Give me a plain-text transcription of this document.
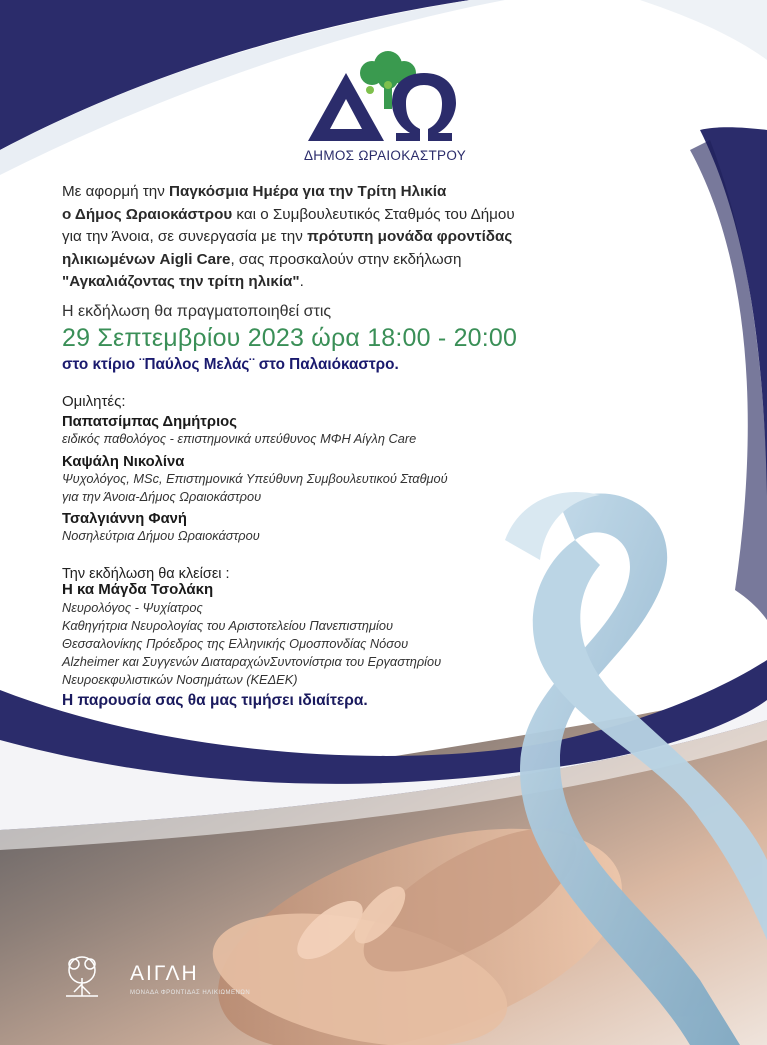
ΔΗΜΟΣ ΩΡΑΙΟΚΑΣΤΡΟΥ
Με αφορμή την Παγκόσμια Ημέρα για την Τρίτη Ηλικία
ο Δήμος Ωραιοκάστρου και ο Συμβουλευτικός Σταθμός του Δήμου
για την Άνοια, σε συνεργασία με την πρότυπη μονάδα φροντίδας
ηλικιωμένων Aigli Care, σας προσκαλούν στην εκδήλωση
"Αγκαλιάζοντας την τρίτη ηλικία".
Η εκδήλωση θα πραγματοποιηθεί στις
29 Σεπτεμβρίου 2023 ώρα 18:00 - 20:00
στο κτίριο ¨Παύλος Μελάς¨ στο Παλαιόκαστρο.
Ομιλητές:
Παπατσίμπας Δημήτριος
ειδικός παθολόγος - επιστημονικά υπεύθυνος ΜΦΗ Αίγλη Care
Καψάλη Νικολίνα
Ψυχολόγος, MSc, Επιστημονικά Υπεύθυνη Συμβουλευτικού Σταθμού
για την Άνοια-Δήμος Ωραιοκάστρου
Τσαλγιάννη Φανή
Νοσηλεύτρια Δήμου Ωραιοκάστρου
Την εκδήλωση θα κλείσει :
Η κα Μάγδα Τσολάκη
Νευρολόγος - Ψυχίατρος
Καθηγήτρια Νευρολογίας του Αριστοτελείου Πανεπιστημίου
Θεσσαλονίκης Πρόεδρος της Ελληνικής Ομοσπονδίας Νόσου
Alzheimer και Συγγενών ΔιαταραχώνΣυντονίστρια του Εργαστηρίου
Νευροεκφυλιστικών Νοσημάτων (ΚΕΔΕΚ)
Η παρουσία σας θα μας τιμήσει ιδιαίτερα.
ΑΙΓΛΗ
ΜΟΝΑΔΑ ΦΡΟΝΤΙΔΑΣ ΗΛΙΚΙΩΜΕΝΩΝ
